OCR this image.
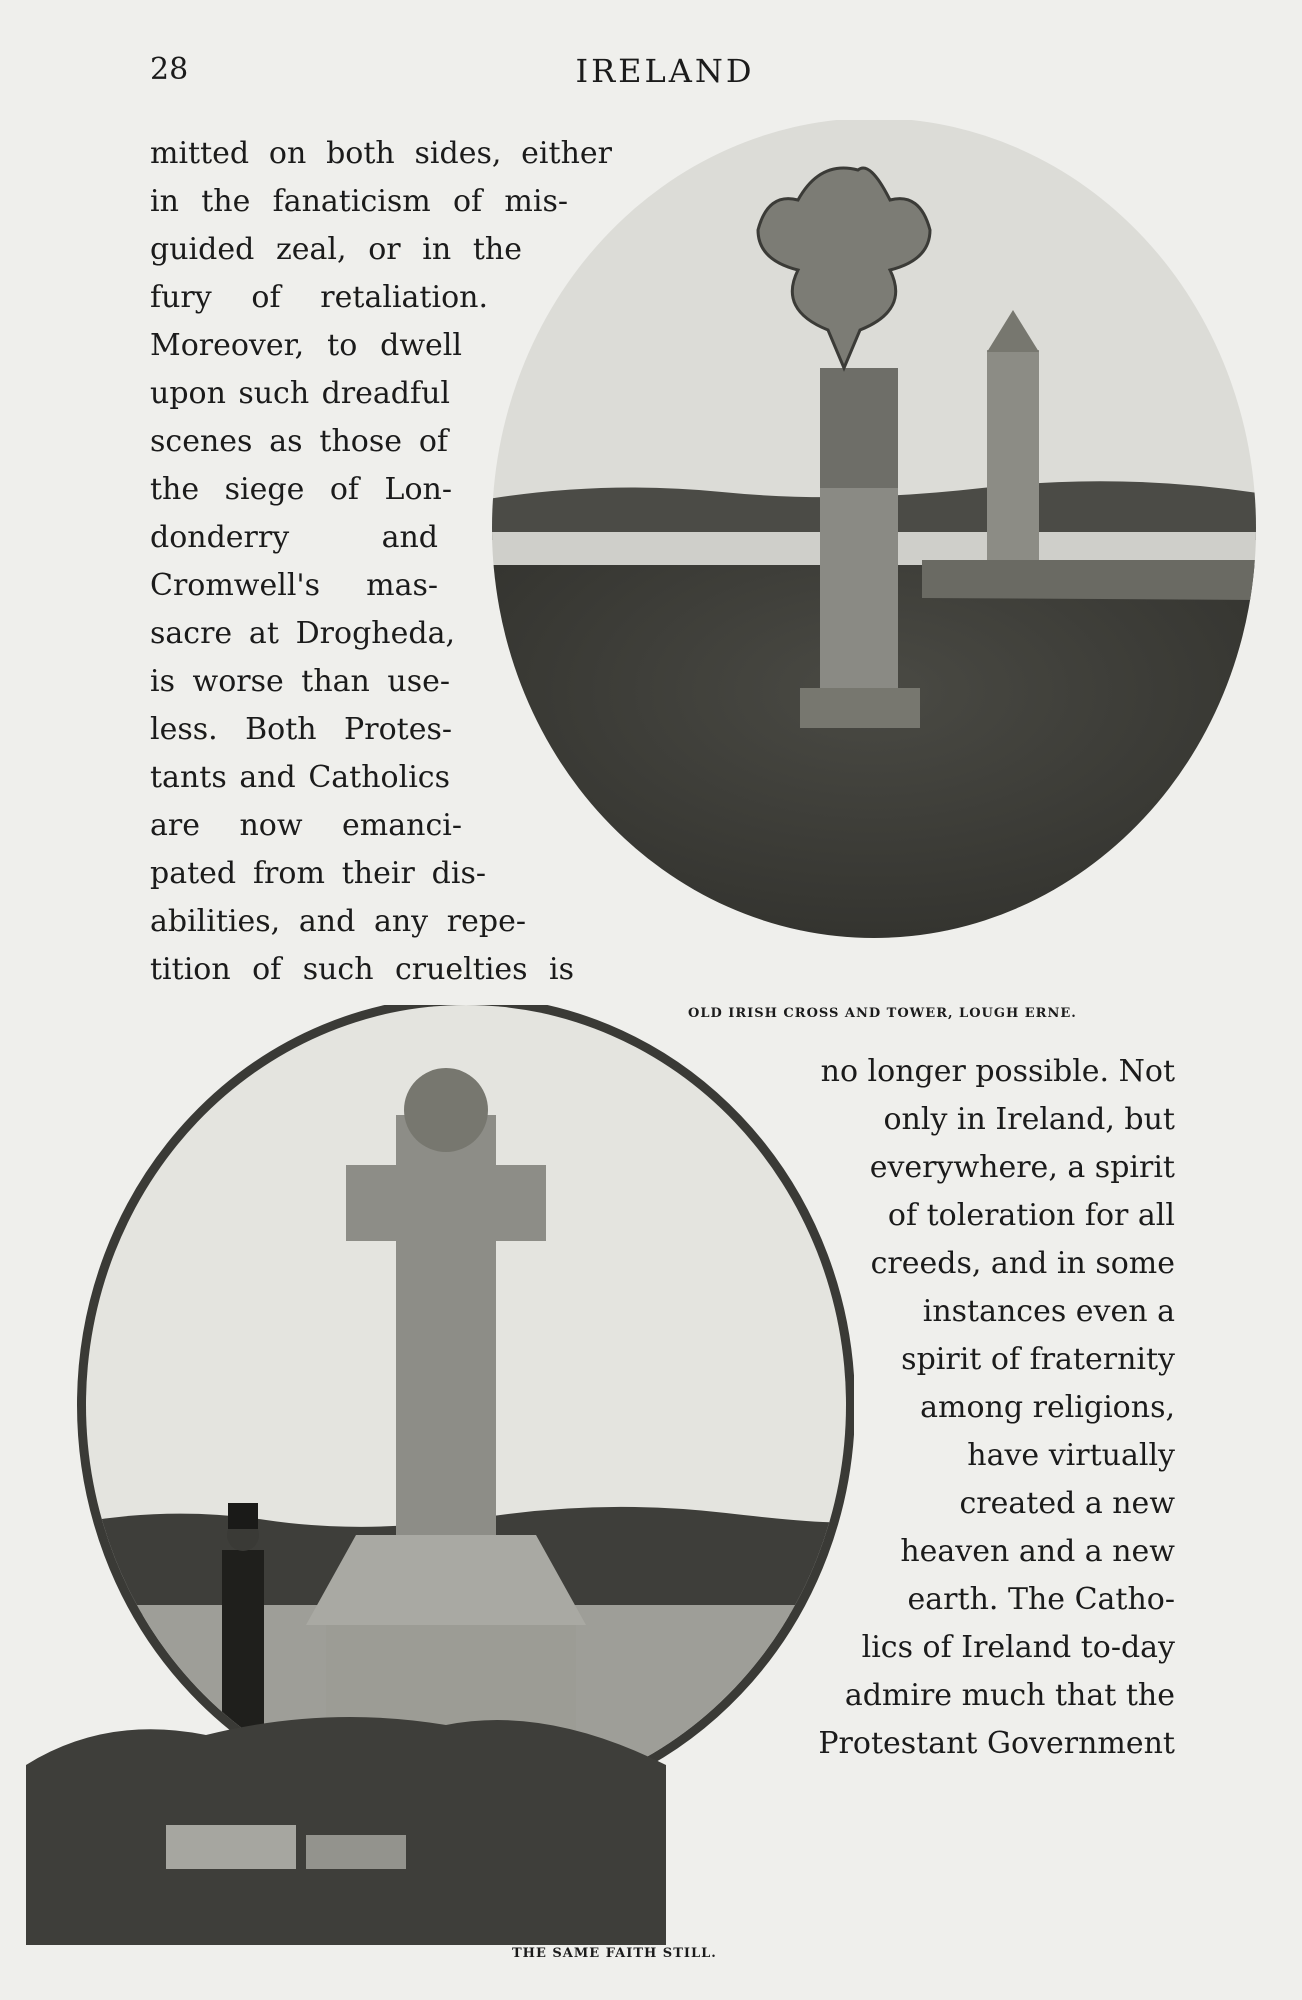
28	IRELAND
mitted on both sides, either
in the fanaticism of mis-
guided zeal, or in the
fury of retaliation.
Moreover, to dwell
upon such dreadful
scenes as those of
the siege of Lon-
donderry and
Cromwell's mas-
sacre at Drogheda,
is worse than use-
less. Both Protes-
tants and Catholics
are now emanci-
pated from their dis-
abilities, and any repe-
tition of such cruelties is
OLD IRISH CROSS AND TOWER, LOUGH ERNE.
no longer possible. Not
only in Ireland, but
everywhere, a spirit
of toleration for all
creeds, and in some
instances even a
spirit of fraternity
among religions,
have virtually
created a new
heaven and a new
earth. The Catho-
lics of Ireland to-day
admire much that the
Protestant Government
THE SAME FAITH STILL.
